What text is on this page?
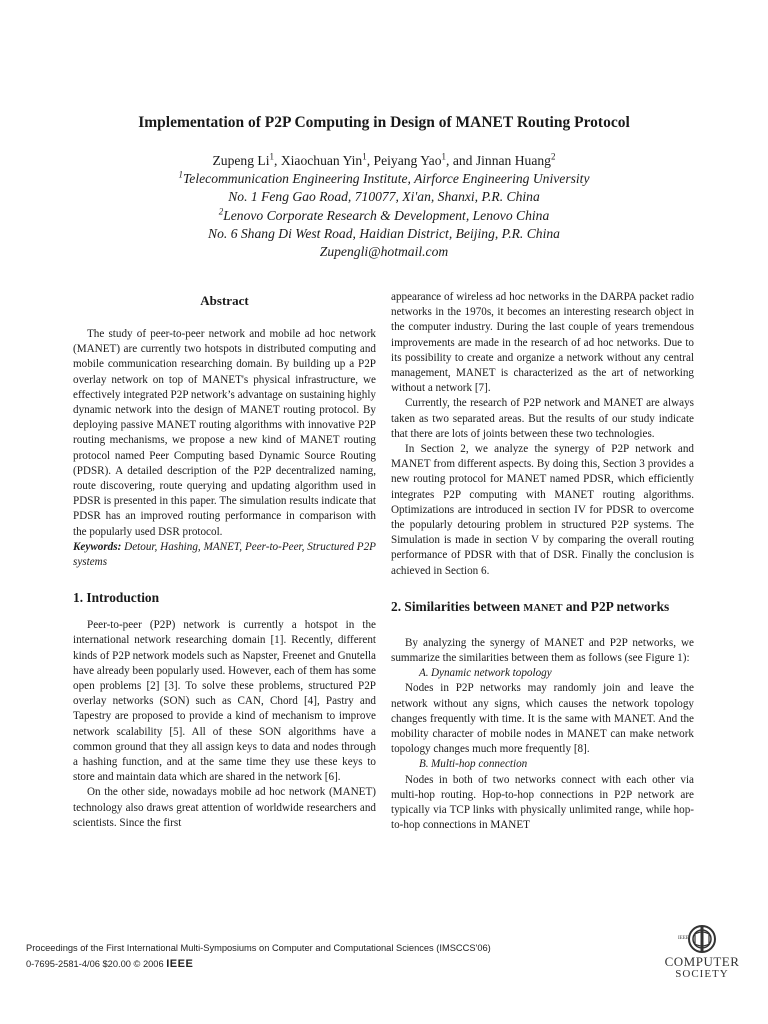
Implementation of P2P Computing in Design of MANET Routing Protocol
Zupeng Li$^1$, Xiaochuan Yin$^1$, Peiyang Yao$^1$, and Jinnan Huang$^2$
$^1$Telecommunication Engineering Institute, Airforce Engineering University
No. 1 Feng Gao Road, 710077, Xi'an, Shanxi, P.R. China
$^2$Lenovo Corporate Research & Development, Lenovo China
No. 6 Shang Di West Road, Haidian District, Beijing, P.R. China
Zupengli@hotmail.com
Abstract

The study of peer-to-peer network and mobile ad hoc network (MANET) are currently two hotspots in distributed computing and mobile communication researching domain. By building up a P2P overlay network on top of MANET's physical infrastructure, we effectively integrated P2P network’s advantage on sustaining highly dynamic network into the design of MANET routing protocol. By deploying passive MANET routing algorithms with innovative P2P routing mechanisms, we propose a new kind of MANET routing protocol named Peer Computing based Dynamic Source Routing (PDSR). A detailed description of the P2P decentralized naming, route discovering, route querying and updating algorithm used in PDSR is presented in this paper. The simulation results indicate that PDSR has an improved routing performance in comparison with the popularly used DSR protocol.

Keywords: Detour, Hashing, MANET, Peer-to-Peer, Structured P2P systems

1. Introduction

Peer-to-peer (P2P) network is currently a hotspot in the international network researching domain [1]. Recently, different kinds of P2P network models such as Napster, Freenet and Gnutella have already been popularly used. However, each of them has some open problems [2] [3]. To solve these problems, structured P2P overlay networks (SON) such as CAN, Chord [4], Pastry and Tapestry are proposed to provide a kind of mechanism to improve network scalability [5]. All of these SON algorithms have a common ground that they all assign keys to data and nodes through a hashing function, and at the same time they use these keys to store and maintain data which are shared in the network [6].

On the other side, nowadays mobile ad hoc network (MANET) technology also draws great attention of worldwide researchers and scientists. Since the first

appearance of wireless ad hoc networks in the DARPA packet radio networks in the 1970s, it becomes an interesting research object in the computer industry. During the last couple of years tremendous improvements are made in the research of ad hoc networks. Due to its possibility to create and organize a network without any central management, MANET is characterized as the art of networking without a network [7].

Currently, the research of P2P network and MANET are always taken as two separated areas. But the results of our study indicate that there are lots of joints between these two technologies.

In Section 2, we analyze the synergy of P2P network and MANET from different aspects. By doing this, Section 3 provides a new routing protocol for MANET named PDSR, which efficiently integrates P2P computing with MANET routing algorithms. Optimizations are introduced in section IV for PDSR to overcome the popularly detouring problem in structured P2P systems. The Simulation is made in section V by comparing the overall routing performance of PDSR with that of DSR. Finally the conclusion is achieved in Section 6.

2. Similarities between MANET and P2P networks

By analyzing the synergy of MANET and P2P networks, we summarize the similarities between them as follows (see Figure 1):

A. Dynamic network topology

Nodes in P2P networks may randomly join and leave the network without any signs, which causes the network topology changes frequently with time. It is the same with MANET. And the mobility character of mobile nodes in MANET can make network topology changes much more frequently [8].

B. Multi-hop connection

Nodes in both of two networks connect with each other via multi-hop routing. Hop-to-hop connections in P2P network are typically via TCP links with physically unlimited range, while hop-to-hop connections in MANET

Proceedings of the First International Multi-Symposiums on Computer and Computational Sciences (IMSCCS'06)
0-7695-2581-4/06 $20.00 © 2006 IEEE
IEEE
COMPUTER
SOCIETY
